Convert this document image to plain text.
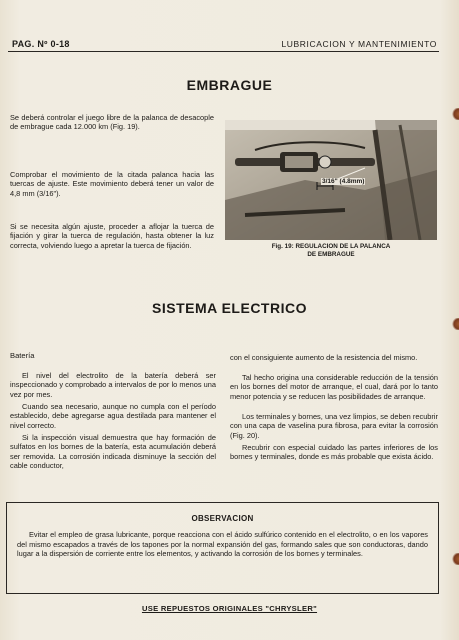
PAG. Nº 0-18	LUBRICACION Y MANTENIMIENTO
EMBRAGUE

Se deberá controlar el juego libre de la palanca de desacople de embrague cada 12.000 km (Fig. 19).

Comprobar el movimiento de la citada palanca hacia las tuercas de ajuste. Este movimiento deberá tener un valor de 4,8 mm (3/16").

Si se necesita algún ajuste, proceder a aflojar la tuerca de fijación y girar la tuerca de regulación, hasta obtener la luz correcta, volviendo luego a apretar la tuerca de fijación.

3/16" (4.8mm)
Fig. 19: REGULACION DE LA PALANCA
DE EMBRAGUE
SISTEMA ELECTRICO
Batería

El nivel del electrolito de la batería deberá ser inspeccionado y comprobado a intervalos de por lo menos una vez por mes.

Cuando sea necesario, aunque no cumpla con el período establecido, debe agregarse agua destilada para mantener el nivel correcto.

Si la inspección visual demuestra que hay formación de sulfatos en los bornes de la batería, esta acumulación deberá ser removida. La corrosión indicada disminuye la sección del cable conductor,

con el consiguiente aumento de la resistencia del mismo.

Tal hecho origina una considerable reducción de la tensión en los bornes del motor de arranque, el cual, dará por lo tanto menor potencia y se reducen las posibilidades de arranque.

Los terminales y bornes, una vez limpios, se deben recubrir con una capa de vaselina pura fibrosa, para evitar la corrosión (Fig. 20).

Recubrir con especial cuidado las partes inferiores de los bornes y terminales, donde es más probable que exista ácido.

OBSERVACION

Evitar el empleo de grasa lubricante, porque reacciona con el ácido sulfúrico contenido en el electrolito, o en los vapores del mismo escapados a través de los tapones por la normal expansión del gas, formando sales que son conductoras, dando lugar a la dispersión de corriente entre los elementos, y activando la corrosión de los bornes y terminales.

USE REPUESTOS ORIGINALES "CHRYSLER"
